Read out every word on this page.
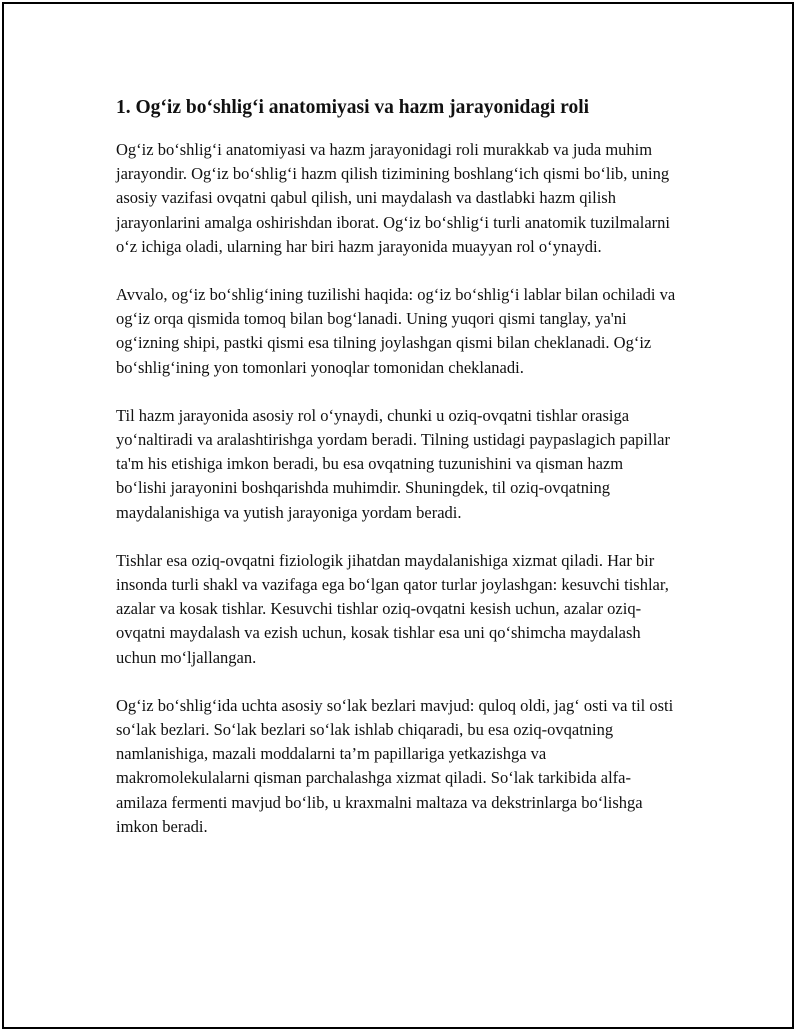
1. Og‘iz bo‘shlig‘i anatomiyasi va hazm jarayonidagi roli

Og‘iz bo‘shlig‘i anatomiyasi va hazm jarayonidagi roli murakkab va juda muhim jarayondir. Og‘iz bo‘shlig‘i hazm qilish tizimining boshlang‘ich qismi bo‘lib, uning asosiy vazifasi ovqatni qabul qilish, uni maydalash va dastlabki hazm qilish jarayonlarini amalga oshirishdan iborat. Og‘iz bo‘shlig‘i turli anatomik tuzilmalarni o‘z ichiga oladi, ularning har biri hazm jarayonida muayyan rol o‘ynaydi.

Avvalo, og‘iz bo‘shlig‘ining tuzilishi haqida: og‘iz bo‘shlig‘i lablar bilan ochiladi va og‘iz orqa qismida tomoq bilan bog‘lanadi. Uning yuqori qismi tanglay, ya'ni og‘izning shipi, pastki qismi esa tilning joylashgan qismi bilan cheklanadi. Og‘iz bo‘shlig‘ining yon tomonlari yonoqlar tomonidan cheklanadi.

Til hazm jarayonida asosiy rol o‘ynaydi, chunki u oziq-ovqatni tishlar orasiga yo‘naltiradi va aralashtirishga yordam beradi. Tilning ustidagi paypaslagich papillar ta'm his etishiga imkon beradi, bu esa ovqatning tuzunishini va qisman hazm bo‘lishi jarayonini boshqarishda muhimdir. Shuningdek, til oziq-ovqatning maydalanishiga va yutish jarayoniga yordam beradi.

Tishlar esa oziq-ovqatni fiziologik jihatdan maydalanishiga xizmat qiladi. Har bir insonda turli shakl va vazifaga ega bo‘lgan qator turlar joylashgan: kesuvchi tishlar, azalar va kosak tishlar. Kesuvchi tishlar oziq-ovqatni kesish uchun, azalar oziq-ovqatni maydalash va ezish uchun, kosak tishlar esa uni qo‘shimcha maydalash uchun mo‘ljallangan.

Og‘iz bo‘shlig‘ida uchta asosiy so‘lak bezlari mavjud: quloq oldi, jag‘ osti va til osti so‘lak bezlari. So‘lak bezlari so‘lak ishlab chiqaradi, bu esa oziq-ovqatning namlanishiga, mazali moddalarni ta’m papillariga yetkazishga va makromolekulalarni qisman parchalashga xizmat qiladi. So‘lak tarkibida alfa-amilaza fermenti mavjud bo‘lib, u kraxmalni maltaza va dekstrinlarga bo‘lishga imkon beradi.
